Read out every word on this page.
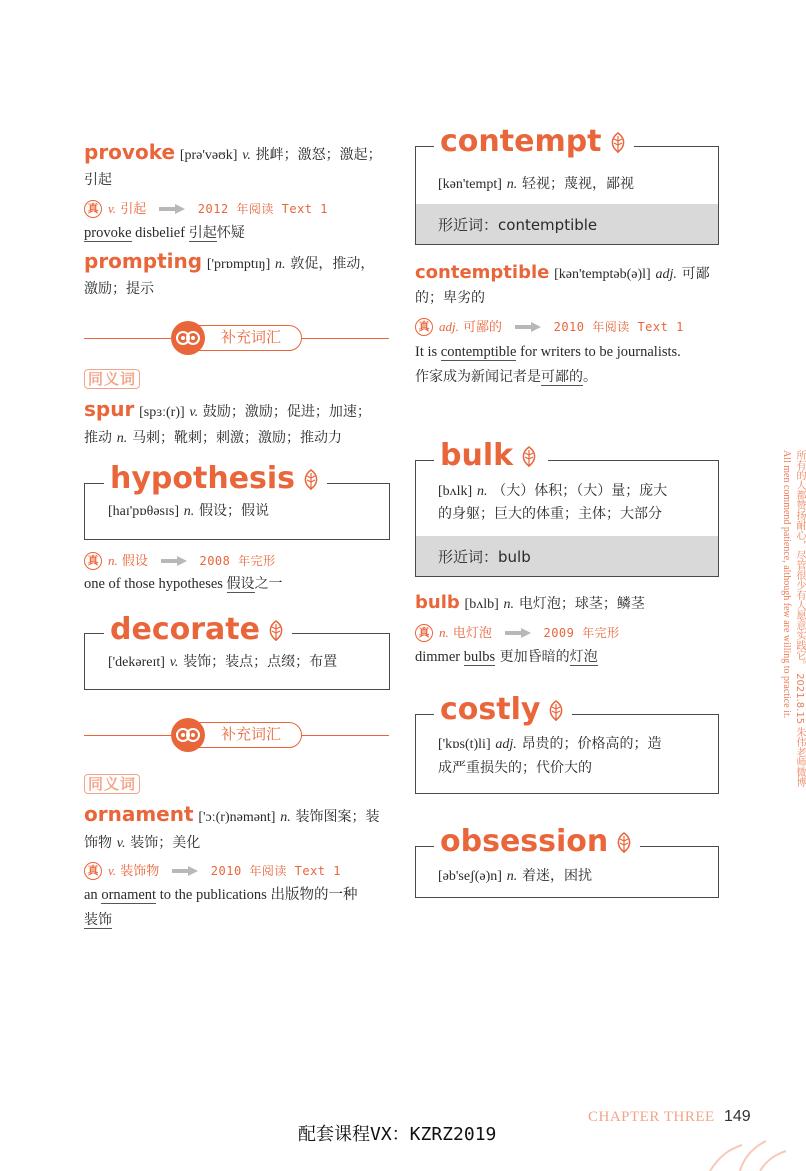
provoke [prə'vəʊk] v. 挑衅；激怒；激起；
引起
真 v. 引起	2012 年阅读 Text 1
provoke disbelief 引起怀疑
prompting ['prɒmptɪŋ] n. 敦促，推动，
激励；提示
补充词汇
同义词
spur [spɜː(r)] v. 鼓励；激励；促进；加速；
推动 n. 马刺；靴刺；刺激；激励；推动力
hypothesis
[haɪ'pɒθəsɪs] n. 假设；假说
真 n. 假设	2008 年完形
one of those hypotheses 假设之一
decorate
['dekəreɪt] v. 装饰；装点；点缀；布置
补充词汇
同义词
ornament ['ɔː(r)nəmənt] n. 装饰图案；装
饰物 v. 装饰；美化
真 v. 装饰物	2010 年阅读 Text 1
an ornament to the publications 出版物的一种
装饰
contempt
[kən'tempt] n. 轻视；蔑视，鄙视
形近词：contemptible
contemptible [kən'temptəb(ə)l] adj. 可鄙
的；卑劣的
真 adj. 可鄙的	2010 年阅读 Text 1
It is contemptible for writers to be journalists.
作家成为新闻记者是可鄙的。
bulk
[bʌlk] n. （大）体积；（大）量；庞大
的身躯；巨大的体重；主体；大部分
形近词：bulb
bulb [bʌlb] n. 电灯泡；球茎；鳞茎
真 n. 电灯泡	2009 年完形
dimmer bulbs 更加昏暗的灯泡
costly
['kɒs(t)li] adj. 昂贵的；价格高的；造
成严重损失的；代价大的
obsession
[əb'seʃ(ə)n] n. 着迷，困扰
所有的人都赞扬耐心，尽管很少有人愿意实践它。 2021.8.15 朱伟老师微博
All men commend patience, although few are willing to practice it.
CHAPTER THREE 149
配套课程VX：KZRZ2019
